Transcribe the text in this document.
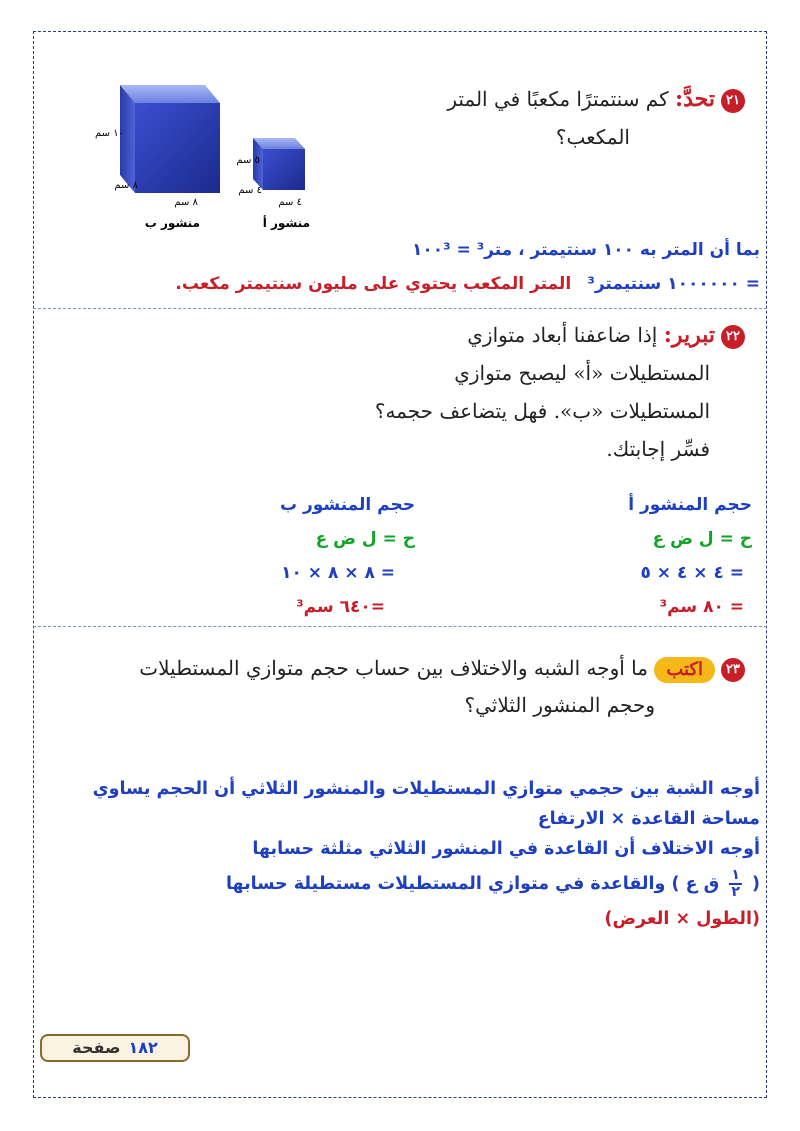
٢١تحدَّ: كم سنتمترًا مكعبًا في المتر
المكعب؟
١٠ سم
٨ سم
٨ سم
٥ سم
٤ سم
٤ سم
منشور ب	منشور أ
بما أن المتر به ١٠٠ سنتيمتر ، متر³ = ١٠٠³
= ١٠٠٠٠٠٠ سنتيمتر³   المتر المكعب يحتوي على مليون سنتيمتر مكعب.
٢٢تبرير: إذا ضاعفنا أبعاد متوازي
المستطيلات «أ» ليصبح متوازي
المستطيلات «ب». فهل يتضاعف حجمه؟
فسِّر إجابتك.
حجم المنشور أ
ح = ل ض ع
= ٤ × ٤ × ٥
= ٨٠ سم³
حجم المنشور ب
ح = ل ض ع
= ٨ × ٨ × ١٠
=٦٤٠ سم³
٢٣اكتب ما أوجه الشبه والاختلاف بين حساب حجم متوازي المستطيلات
وحجم المنشور الثلاثي؟
أوجه الشبة بين حجمي متوازي المستطيلات والمنشور الثلاثي أن الحجم يساوي
مساحة القاعدة × الارتفاع
أوجه الاختلاف أن القاعدة في المنشور الثلاثي مثلثة حسابها
(
١
٢
ق ع ) والقاعدة في متوازي المستطيلات مستطيلة حسابها
(الطول × العرض)
١٨٢صفحة
